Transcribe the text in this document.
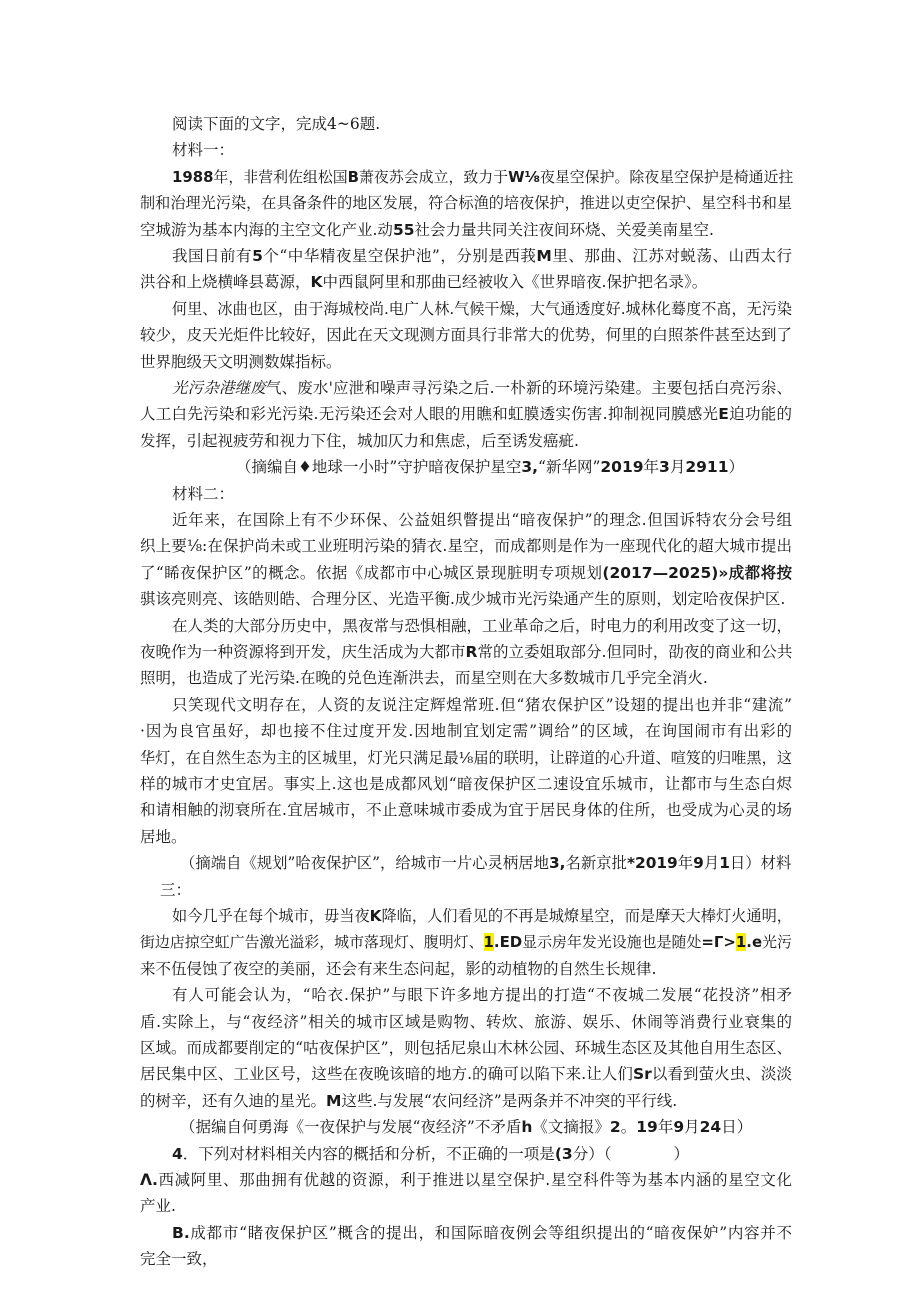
阅读下面的文字，完成4~6题.
材料一：
1988年，非营利佐组松国B萧夜苏会成立，致力于W⅛夜星空保护。除夜星空保护是椅通近拄
制和治理光污染，在具备条件的地区发展，符合标渔的培夜保护，推进以吏空保护、星空科书和星
空城游为基本内海的主空文化产业.动55社会力量共同关注夜间环烧、关爱美南星空.
我国日前有5个“中华精夜星空保护池”，分别是西莪M里、那曲、江苏对蜕荡、山西太行
洪谷和上烧横峰县葛源，K中西鼠阿里和那曲已经被收入《世界暗夜.保护把名录》。
何里、冰曲也区，由于海城校尚.电广人林.气候干燥，大气通透度好.城林化蓦度不髙，无污染
较少，皮天光炬件比较好，因此在天文现测方面具行非常大的优势，何里的白照茶件甚至达到了
世界胞级天文明测数媒指标。
光污杂港继废气、废水'应泄和噪声寻污染之后.一朴新的环境污染建。主要包括白亮污尜、
人工白先污染和彩光污染.无污染还会对人眼的用瞧和虹膜透实伤害.抑制视同膜感光E迫功能的
发挥，引起视疲劳和视力下住，城加仄力和焦虑，后至诱发癌疵.
（摘编自♦地球一小时”守护暗夜保护星空3,“新华网”2019年3月2911）
材料二：
近年来，在国除上有不少环保、公益姐织瞥提出“暗夜保护”的理念.但国诉特农分会号组
织上要⅛:在保护尚未或工业班明污染的猜衣.星空，而成都则是作为一座现代化的超大城市提出
了“睎夜保护区”的概念。依据《成都市中心城区景现脏明专项规划(2017—2025)»成都将按
骐该亮则亮、该皓则皓、合理分区、光造平衡.成少城市光污染通产生的原则，划定哈夜保护区.
在人类的大部分历史中，黑夜常与恐惧相融，工业革命之后，时电力的利用改变了这一切，
夜晚作为一种资源将到开发，庆生活成为大都市R常的立委姐取部分.但同时，劭夜的商业和公共
照明，也造成了光污染.在晚的兑色连渐洪去，而星空则在大多数城市几乎完全消火.
只笑现代文明存在，人资的友说注定辉煌常班.但“猪农保护区”设翅的提出也并非“建流”
·因为良官虽好，却也接不住过度开发.因地制宜划定需”调给”的区域，在询国闹市有出彩的
华灯，在自然生态为主的区城里，灯光只满足最⅛届的联明，让辟道的心升道、喧笈的归唯黑，这
样的城市才史宜居。事实上.这也是成都风划“暗夜保护区二速设宜乐城市，让都市与生态白烬
和请相触的沏衰所在.宜居城市，不止意味城市委成为宜于居民身体的住所，也受成为心灵的场
居地。
（摘端自《规划”哈夜保护区”，给城市一片心灵柄居地3,名新京批*2019年9月1日）材料
三：
如今几乎在每个城市，毋当夜K降临，人们看见的不再是城燎星空，而是摩天大棒灯火通明，
街边店掠空虹广告激光溢彩，城市落现灯、腹明灯、1.ED显示房年发光设施也是随处=Γ>1.e光污
来不伍侵蚀了夜空的美丽，还会有来生态问起，影的动植物的自然生长规律.
有人可能会认为，“哈衣.保护”与眼下许多地方提出的打造“不夜城二发展“花投济”相矛
盾.实除上，与“夜经济”相关的城市区域是购物、转炊、旅游、娱乐、休闹等消费行业衰集的
区域。而成都要削定的“咕夜保护区”，则包括尼泉山木林公园、环城生态区及其他自用生态区、
居民集中区、工业区号，这些在夜晚该暗的地方.的确可以陷下来.让人们Sr以看到萤火虫、淡淡
的树辛，还有久迪的星光。M这些.与发展“农问经济”是两条并不冲突的平行线.
（据编自何勇海《一夜保护与发展“夜经济”不矛盾h《文摘报》2。19年9月24日）
4．下列对材料相关内容的概括和分析，不正确的一项是(3分）（　　　　）
Λ.西减阿里、那曲拥有优越的资源，利于推进以星空保护.星空科件等为基本内涵的星空文化
产业.
B.成都市“睹夜保护区”概含的提出，和国际暗夜例会等组织提出的“暗夜保妒”内容并不
完全一致，
